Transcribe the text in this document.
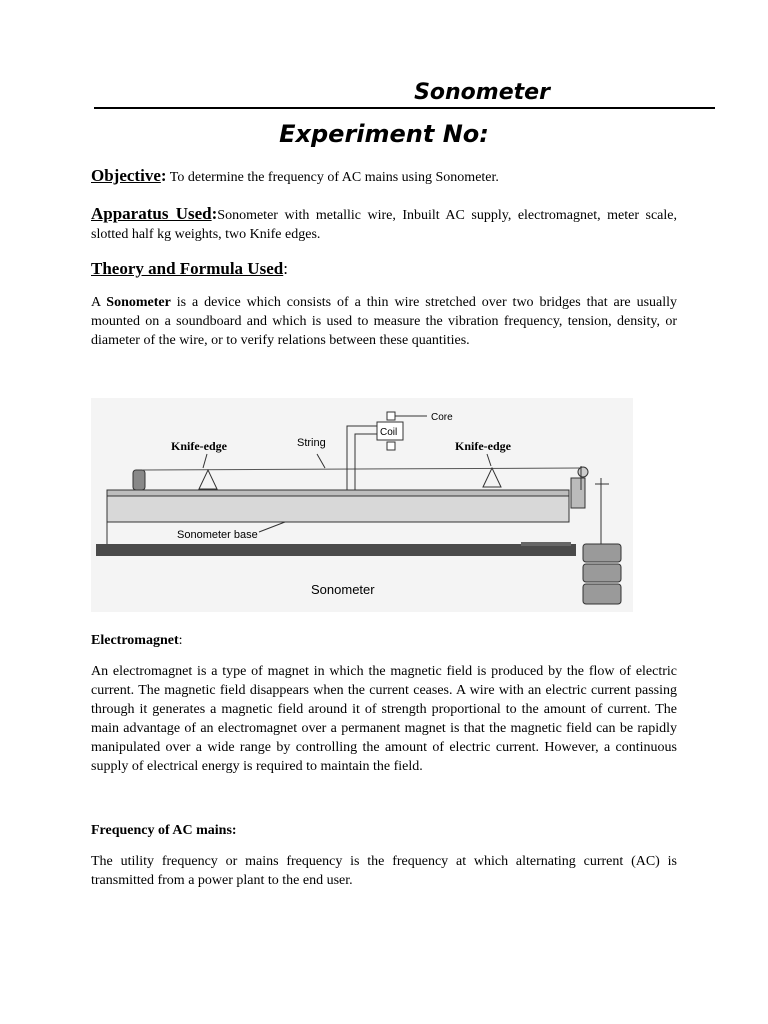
Sonometer
Experiment No:
Objective: To determine the frequency of AC mains using Sonometer.
Apparatus Used:Sonometer with metallic wire, Inbuilt AC supply, electromagnet, meter scale, slotted half kg weights, two Knife edges.
Theory and Formula Used:
A Sonometer is a device which consists of a thin wire stretched over two bridges that are usually mounted on a soundboard and which is used to measure the vibration frequency, tension, density, or diameter of the wire, or to verify relations between these quantities.
Knife-edge	String
Coil
Core
Knife-edge
Sonometer base
Sonometer
Electromagnet:
An electromagnet is a type of magnet in which the magnetic field is produced by the flow of electric current. The magnetic field disappears when the current ceases. A wire with an electric current passing through it generates a magnetic field around it of strength proportional to the amount of current. The main advantage of an electromagnet over a permanent magnet is that the magnetic field can be rapidly manipulated over a wide range by controlling the amount of electric current. However, a continuous supply of electrical energy is required to maintain the field.
Frequency of AC mains:
The utility frequency or mains frequency is the frequency at which alternating current (AC) is transmitted from a power plant to the end user.
